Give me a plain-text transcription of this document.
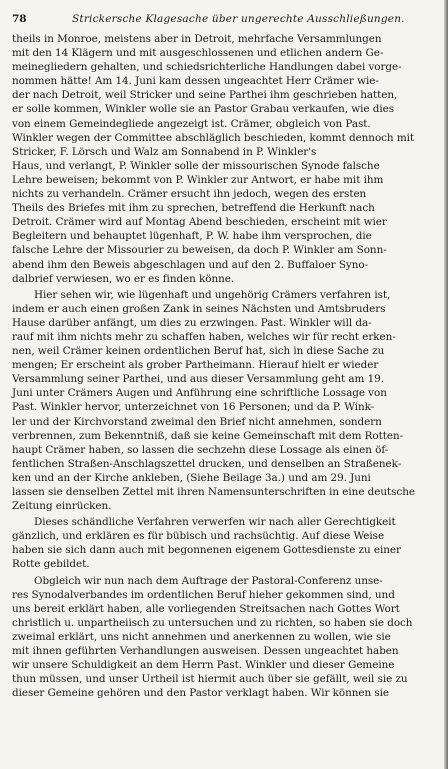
78	Strickersche Klagesache über ungerechte Ausschließungen.

theils in Monroe, meistens aber in Detroit, mehrfache Versammlungen
mit den 14 Klägern und mit ausgeschlossenen und etlichen andern Ge-
meinegliedern gehalten, und schiedsrichterliche Handlungen dabei vorge-
nommen hätte! Am 14. Juni kam dessen ungeachtet Herr Crämer wie-
der nach Detroit, weil Stricker und seine Parthei ihm geschrieben hatten,
er solle kommen, Winkler wolle sie an Pastor Grabau verkaufen, wie dies
von einem Gemeindegliede angezeigt ist. Crämer, obgleich von Past.
Winkler wegen der Committee abschläglich beschieden, kommt dennoch mit
Stricker, F. Lörsch und Walz am Sonnabend in P. Winkler's
Haus, und verlangt, P. Winkler solle der missourischen Synode falsche
Lehre beweisen; bekommt von P. Winkler zur Antwort, er habe mit ihm
nichts zu verhandeln. Crämer ersucht ihn jedoch, wegen des ersten
Theils des Briefes mit ihm zu sprechen, betreffend die Herkunft nach
Detroit. Crämer wird auf Montag Abend beschieden, erscheint mit wier
Begleitern und behauptet lügenhaft, P. W. habe ihm versprochen, die
falsche Lehre der Missourier zu beweisen, da doch P. Winkler am Sonn-
abend ihm den Beweis abgeschlagen und auf den 2. Buffaloer Syno-
dalbrief verwiesen, wo er es finden könne.

Hier sehen wir, wie lügenhaft und ungehörig Crämers verfahren ist,
indem er auch einen großen Zank in seines Nächsten und Amtsbruders
Hause darüber anfängt, um dies zu erzwingen. Past. Winkler will da-
rauf mit ihm nichts mehr zu schaffen haben, welches wir für recht erken-
nen, weil Crämer keinen ordentlichen Beruf hat, sich in diese Sache zu
mengen; Er erscheint als grober Partheimann. Hierauf hielt er wieder
Versammlung seiner Parthei, und aus dieser Versammlung geht am 19.
Juni unter Crämers Augen und Anführung eine schriftliche Lossage von
Past. Winkler hervor, unterzeichnet von 16 Personen; und da P. Wink-
ler und der Kirchvorstand zweimal den Brief nicht annehmen, sondern
verbrennen, zum Bekenntniß, daß sie keine Gemeinschaft mit dem Rotten-
haupt Crämer haben, so lassen die sechzehn diese Lossage als einen öf-
fentlichen Straßen-Anschlagszettel drucken, und denselben an Straßenek-
ken und an der Kirche ankleben, (Siehe Beilage 3a.) und am 29. Juni
lassen sie denselben Zettel mit ihren Namensunterschriften in eine deutsche
Zeitung einrücken.

Dieses schändliche Verfahren verwerfen wir nach aller Gerechtigkeit
gänzlich, und erklären es für bübisch und rachsüchtig. Auf diese Weise
haben sie sich dann auch mit begonnenen eigenem Gottesdienste zu einer
Rotte gebildet.

Obgleich wir nun nach dem Auftrage der Pastoral-Conferenz unse-
res Synodalverbandes im ordentlichen Beruf hieher gekommen sind, und
uns bereit erklärt haben, alle vorliegenden Streitsachen nach Gottes Wort
christlich u. unpartheiisch zu untersuchen und zu richten, so haben sie doch
zweimal erklärt, uns nicht annehmen und anerkennen zu wollen, wie sie
mit ihnen geführten Verhandlungen ausweisen. Dessen ungeachtet haben
wir unsere Schuldigkeit an dem Herrn Past. Winkler und dieser Gemeine
thun müssen, und unser Urtheil ist hiermit auch über sie gefällt, weil sie zu
dieser Gemeine gehören und den Pastor verklagt haben. Wir können sie
